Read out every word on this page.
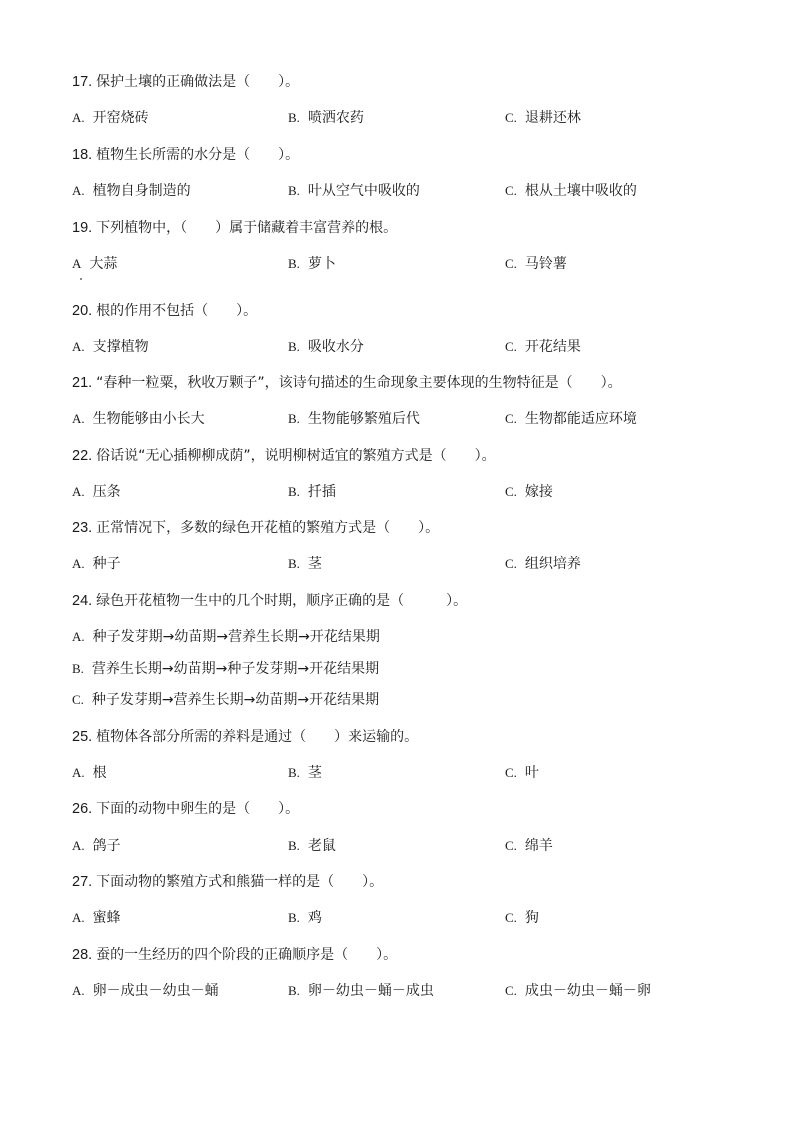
17. 保护土壤的正确做法是（　　）。
A. 开窑烧砖	B. 喷洒农药	C. 退耕还林
18. 植物生长所需的水分是（　　）。
A. 植物自身制造的	B. 叶从空气中吸收的	C. 根从土壤中吸收的
19. 下列植物中，（　　）属于储藏着丰富营养的根。
A 大蒜	B. 萝卜	C. 马铃薯
20. 根的作用不包括（　　）。
A. 支撑植物	B. 吸收水分	C. 开花结果
21. “春种一粒粟，秋收万颗子”，该诗句描述的生命现象主要体现的生物特征是（　　）。
A. 生物能够由小长大	B. 生物能够繁殖后代	C. 生物都能适应环境
22. 俗话说“无心插柳柳成荫”，说明柳树适宜的繁殖方式是（　　）。
A. 压条	B. 扦插	C. 嫁接
23. 正常情况下，多数的绿色开花植的繁殖方式是（　　）。
A. 种子	B. 茎	C. 组织培养
24. 绿色开花植物一生中的几个时期，顺序正确的是（　　　）。
A. 种子发芽期→幼苗期→营养生长期→开花结果期
B. 营养生长期→幼苗期→种子发芽期→开花结果期
C. 种子发芽期→营养生长期→幼苗期→开花结果期
25. 植物体各部分所需的养料是通过（　　）来运输的。
A. 根	B. 茎	C. 叶
26. 下面的动物中卵生的是（　　）。
A. 鸽子	B. 老鼠	C. 绵羊
27. 下面动物的繁殖方式和熊猫一样的是（　　）。
A. 蜜蜂	B. 鸡	C. 狗
28. 蚕的一生经历的四个阶段的正确顺序是（　　）。
A. 卵－成虫－幼虫－蛹	B. 卵－幼虫－蛹－成虫	C. 成虫－幼虫－蛹－卵
